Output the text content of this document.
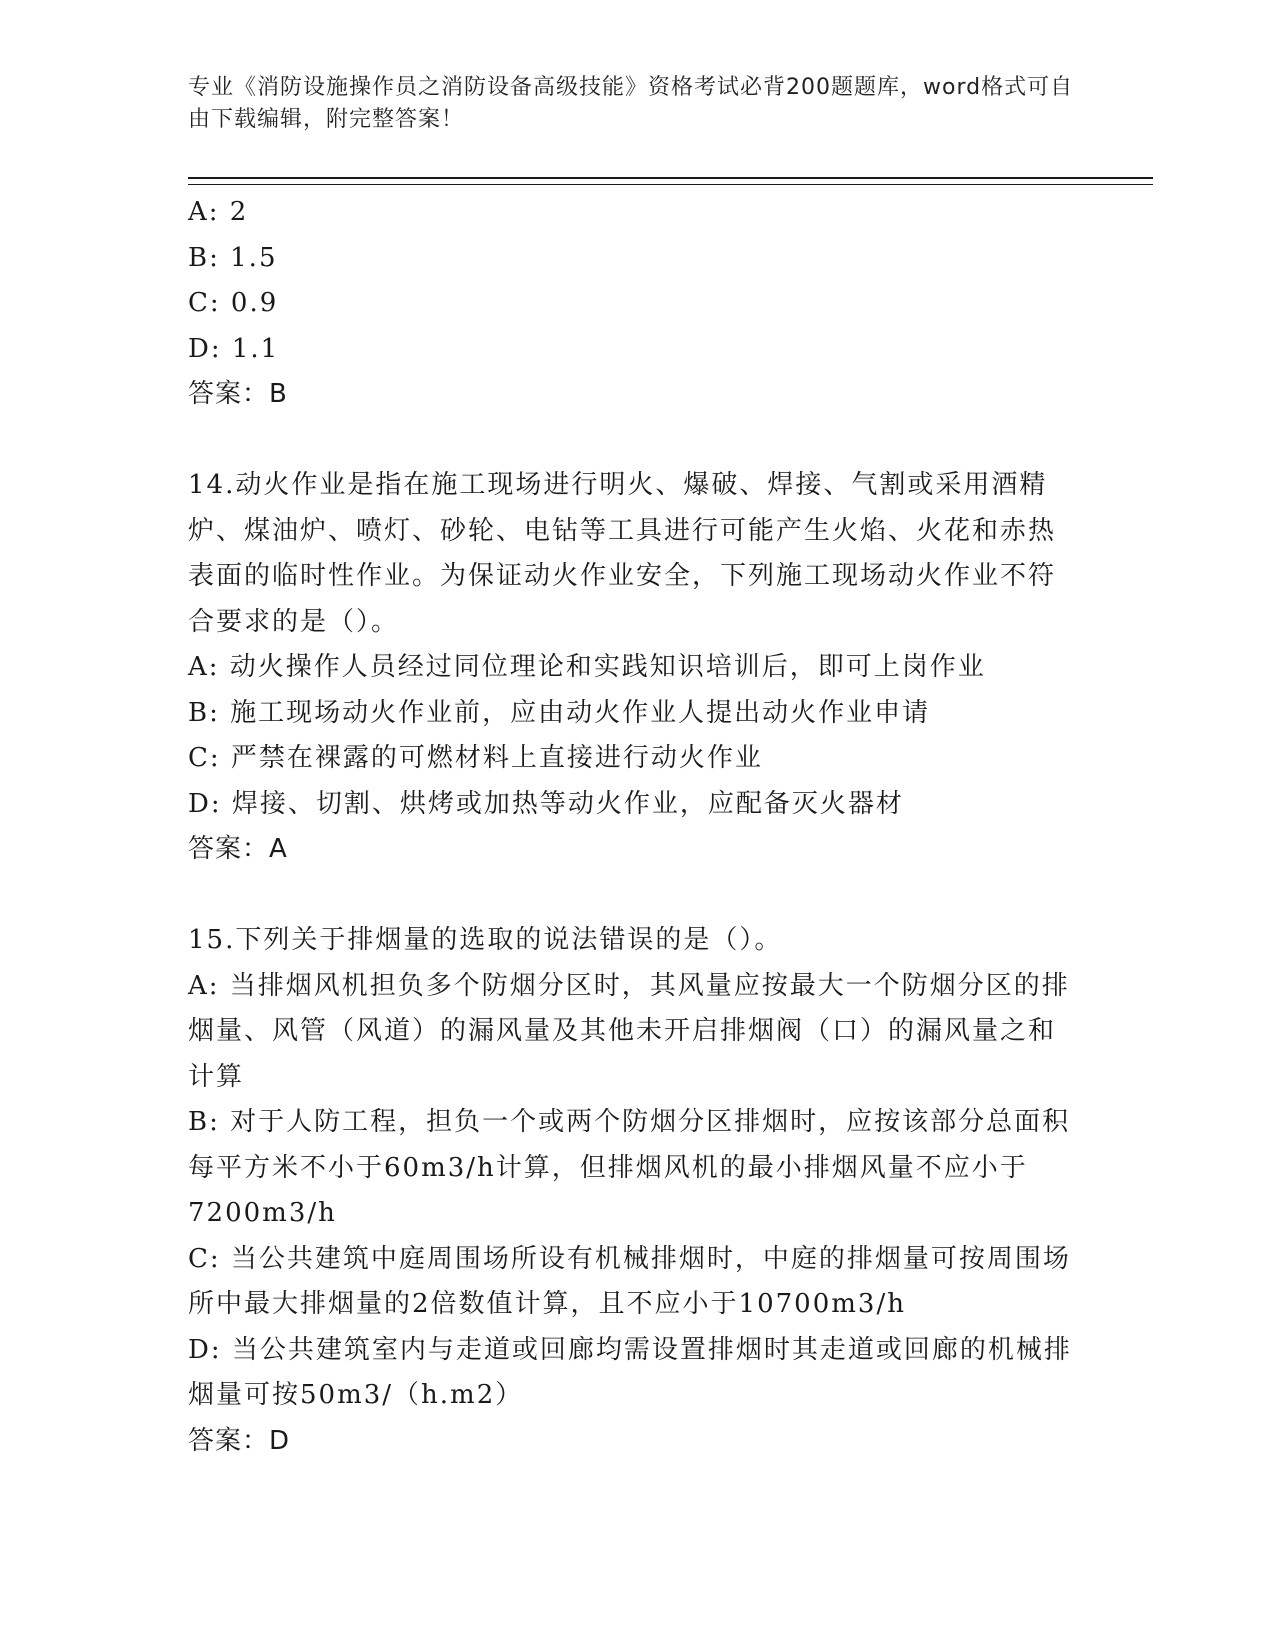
专业《消防设施操作员之消防设备高级技能》资格考试必背200题题库，word格式可自由下载编辑，附完整答案！
A: 2
B: 1.5
C: 0.9
D: 1.1
答案：B
14.动火作业是指在施工现场进行明火、爆破、焊接、气割或采用酒精炉、煤油炉、喷灯、砂轮、电钻等工具进行可能产生火焰、火花和赤热表面的临时性作业。为保证动火作业安全，下列施工现场动火作业不符合要求的是（）。
A: 动火操作人员经过同位理论和实践知识培训后，即可上岗作业
B: 施工现场动火作业前，应由动火作业人提出动火作业申请
C: 严禁在裸露的可燃材料上直接进行动火作业
D: 焊接、切割、烘烤或加热等动火作业，应配备灭火器材
答案：A
15.下列关于排烟量的选取的说法错误的是（）。
A: 当排烟风机担负多个防烟分区时，其风量应按最大一个防烟分区的排烟量、风管（风道）的漏风量及其他未开启排烟阀（口）的漏风量之和计算
B: 对于人防工程，担负一个或两个防烟分区排烟时，应按该部分总面积每平方米不小于60m3/h计算，但排烟风机的最小排烟风量不应小于7200m3/h
C: 当公共建筑中庭周围场所设有机械排烟时，中庭的排烟量可按周围场所中最大排烟量的2倍数值计算，且不应小于10700m3/h
D: 当公共建筑室内与走道或回廊均需设置排烟时其走道或回廊的机械排烟量可按50m3/（h.m2）
答案：D
